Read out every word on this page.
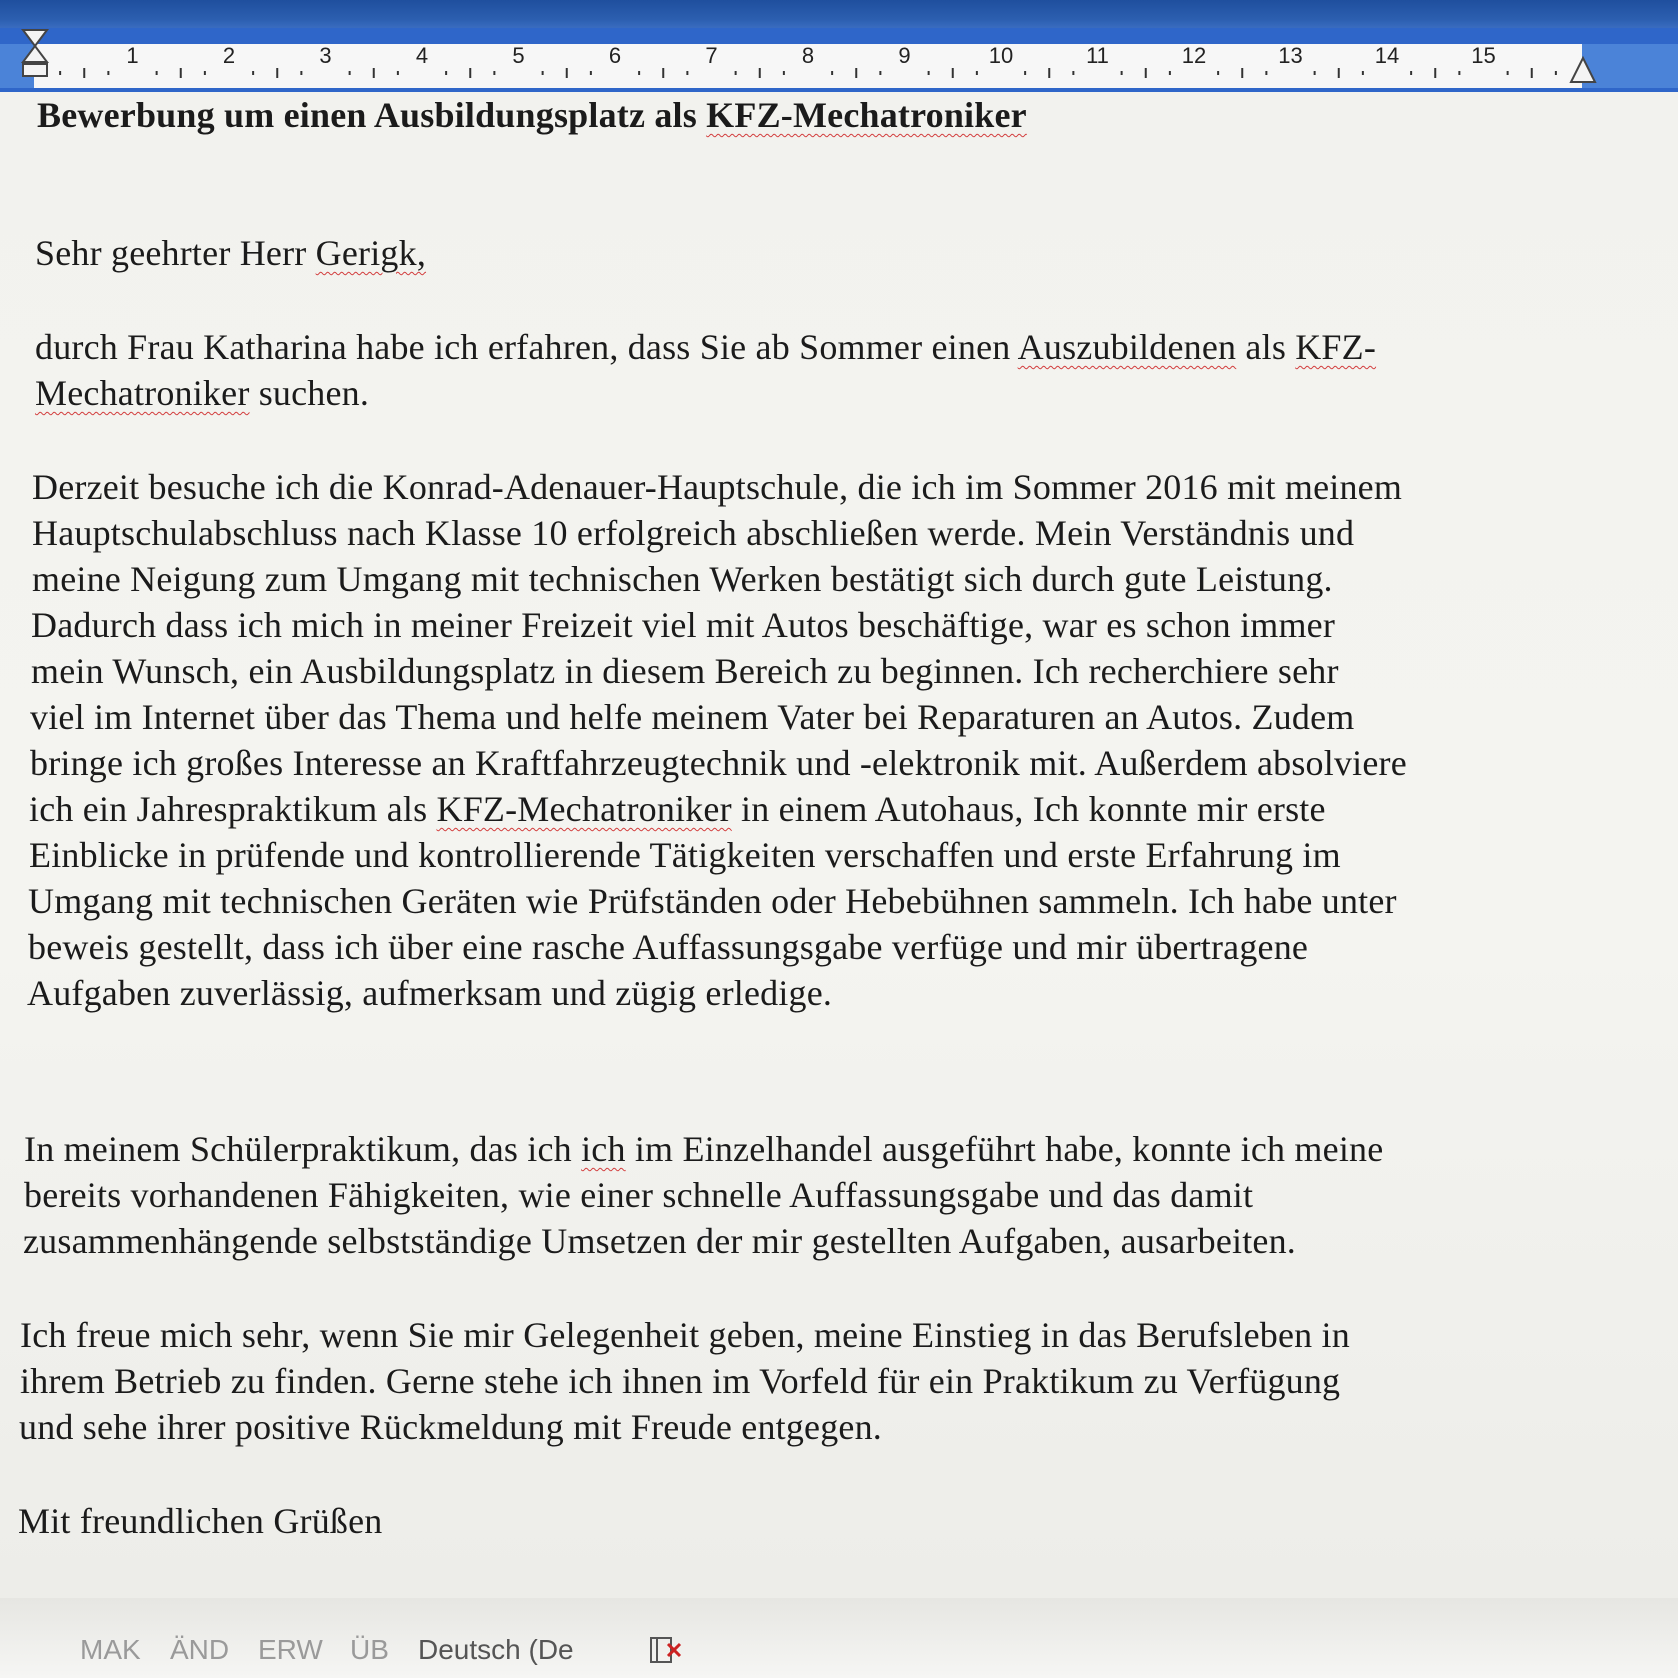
1	2	3	4	5	6	7	8	9	10	11	12	13	14	15

Bewerbung um einen Ausbildungsplatz als KFZ-Mechatroniker

Sehr geehrter Herr Gerigk,

durch Frau Katharina habe ich erfahren, dass Sie ab Sommer einen Auszubildenen als KFZ-

Mechatroniker suchen.

Derzeit besuche ich die Konrad-Adenauer-Hauptschule, die ich im Sommer 2016 mit meinem

Hauptschulabschluss nach Klasse 10 erfolgreich abschließen werde. Mein Verständnis und

meine Neigung zum Umgang mit technischen Werken bestätigt sich durch gute Leistung.

Dadurch dass ich mich in meiner Freizeit viel mit Autos beschäftige, war es schon immer

mein Wunsch, ein Ausbildungsplatz in diesem Bereich zu beginnen. Ich recherchiere sehr

viel im Internet über das Thema und helfe meinem Vater bei Reparaturen an Autos. Zudem

bringe ich großes Interesse an Kraftfahrzeugtechnik und -elektronik mit. Außerdem absolviere

ich ein Jahrespraktikum als KFZ-Mechatroniker in einem Autohaus, Ich konnte mir erste

Einblicke in prüfende und kontrollierende Tätigkeiten verschaffen und erste Erfahrung im

Umgang mit technischen Geräten wie Prüfständen oder Hebebühnen sammeln. Ich habe unter

beweis gestellt, dass ich über eine rasche Auffassungsgabe verfüge und mir übertragene

Aufgaben zuverlässig, aufmerksam und zügig erledige.

In meinem Schülerpraktikum, das ich ich im Einzelhandel ausgeführt habe, konnte ich meine

bereits vorhandenen Fähigkeiten, wie einer schnelle Auffassungsgabe und das damit

zusammenhängende selbstständige Umsetzen der mir gestellten Aufgaben, ausarbeiten.

Ich freue mich sehr, wenn Sie mir Gelegenheit geben, meine Einstieg in das Berufsleben in

ihrem Betrieb zu finden. Gerne stehe ich ihnen im Vorfeld für ein Praktikum zu Verfügung

und sehe ihrer positive Rückmeldung mit Freude entgegen.

Mit freundlichen Grüßen

MAK ÄND ERW ÜB Deutsch (De
